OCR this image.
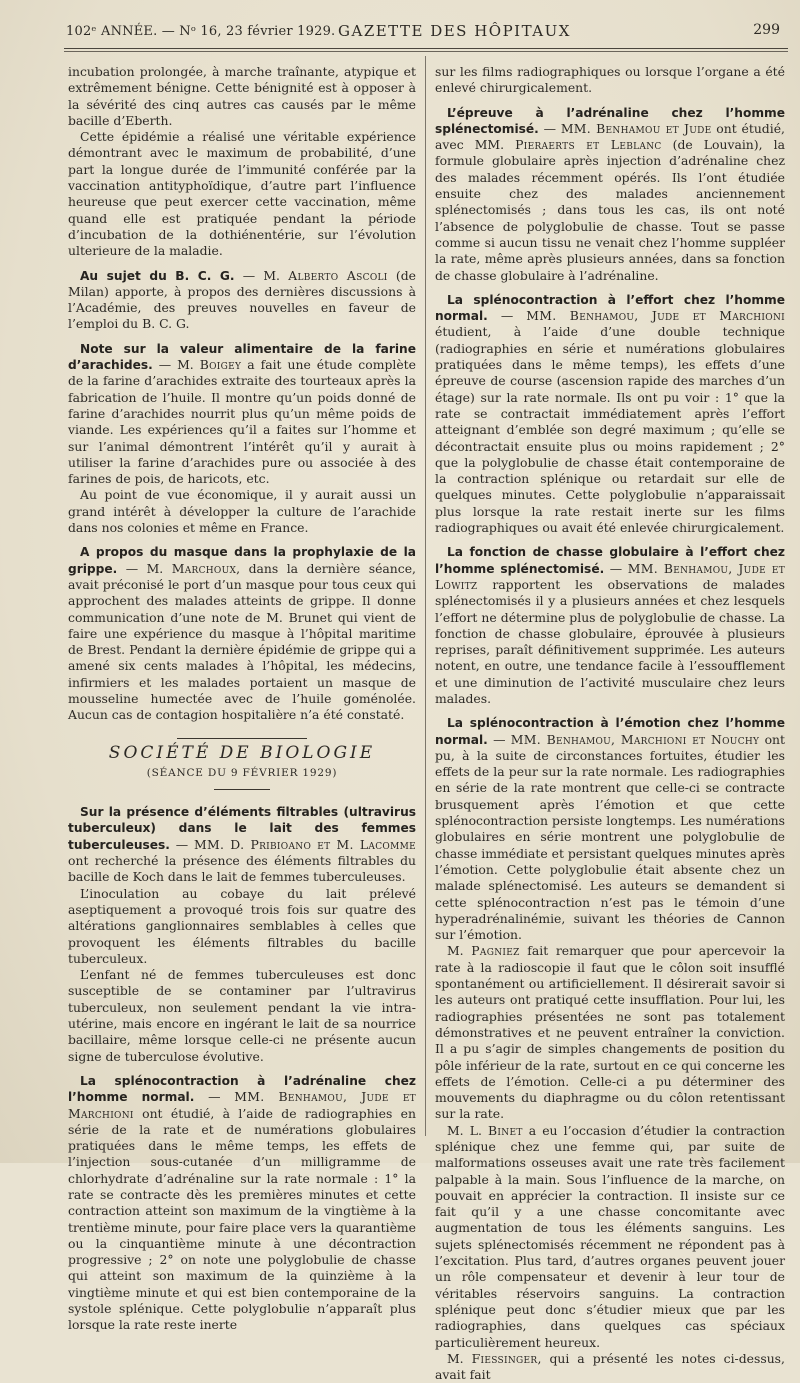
102ᵉ ANNÉE. — Nᵒ 16, 23 février 1929. GAZETTE DES HÔPITAUX	299

incubation prolongée, à marche traînante, atypique et extrêmement bénigne. Cette bénignité est à opposer à la sévérité des cinq autres cas causés par le même bacille d’Eberth.

Cette épidémie a réalisé une véritable expérience démontrant avec le maximum de probabilité, d’une part la longue durée de l’immunité conférée par la vaccination antityphoïdique, d’autre part l’influence heureuse que peut exercer cette vaccination, même quand elle est pratiquée pendant la période d’incubation de la dothiénentérie, sur l’évolution ulterieure de la maladie.

Au sujet du B. C. G. — M. Alberto Ascoli (de Milan) apporte, à propos des dernières discussions à l’Académie, des preuves nouvelles en faveur de l’emploi du B. C. G.

Note sur la valeur alimentaire de la farine d’arachides. — M. Boigey a fait une étude complète de la farine d’arachides extraite des tourteaux après la fabrication de l’huile. Il montre qu’un poids donné de farine d’arachides nourrit plus qu’un même poids de viande. Les expériences qu’il a faites sur l’homme et sur l’animal démontrent l’intérêt qu’il y aurait à utiliser la farine d’arachides pure ou associée à des farines de pois, de haricots, etc.

Au point de vue économique, il y aurait aussi un grand intérêt à développer la culture de l’arachide dans nos colonies et même en France.

A propos du masque dans la prophylaxie de la grippe. — M. Marchoux, dans la dernière séance, avait préconisé le port d’un masque pour tous ceux qui approchent des malades atteints de grippe. Il donne communication d’une note de M. Brunet qui vient de faire une expérience du masque à l’hôpital maritime de Brest. Pendant la dernière épidémie de grippe qui a amené six cents malades à l’hôpital, les médecins, infirmiers et les malades portaient un masque de mousseline humectée avec de l’huile goménolée. Aucun cas de contagion hospitalière n’a été constaté.

SOCIÉTÉ DE BIOLOGIE
(SÉANCE DU 9 FÉVRIER 1929)

Sur la présence d’éléments filtrables (ultravirus tuberculeux) dans le lait des femmes tuberculeuses. — MM. D. Pribioano et M. Lacomme ont recherché la présence des éléments filtrables du bacille de Koch dans le lait de femmes tuberculeuses.

L’inoculation au cobaye du lait prélevé aseptiquement a provoqué trois fois sur quatre des altérations ganglionnaires semblables à celles que provoquent les éléments filtrables du bacille tuberculeux.

L’enfant né de femmes tuberculeuses est donc susceptible de se contaminer par l’ultravirus tuberculeux, non seulement pendant la vie intra-utérine, mais encore en ingérant le lait de sa nourrice bacillaire, même lorsque celle-ci ne présente aucun signe de tuberculose évolutive.

La splénocontraction à l’adrénaline chez l’homme normal. — MM. Benhamou, Jude et Marchioni ont étudié, à l’aide de radiographies en série de la rate et de numérations globulaires pratiquées dans le même temps, les effets de l’injection sous-cutanée d’un milligramme de chlorhydrate d’adrénaline sur la rate normale : 1° la rate se contracte dès les premières minutes et cette contraction atteint son maximum de la vingtième à la trentième minute, pour faire place vers la quarantième ou la cinquantième minute à une décontraction progressive ; 2° on note une polyglobulie de chasse qui atteint son maximum de la quinzième à la vingtième minute et qui est bien contemporaine de la systole splénique. Cette polyglobulie n’apparaît plus lorsque la rate reste inerte

sur les films radiographiques ou lorsque l’organe a été enlevé chirurgicalement.

L’épreuve à l’adrénaline chez l’homme splénectomisé. — MM. Benhamou et Jude ont étudié, avec MM. Pieraerts et Leblanc (de Louvain), la formule globulaire après injection d’adrénaline chez des malades récemment opérés. Ils l’ont étudiée ensuite chez des malades anciennement splénectomisés ; dans tous les cas, ils ont noté l’absence de polyglobulie de chasse. Tout se passe comme si aucun tissu ne venait chez l’homme suppléer la rate, même après plusieurs années, dans sa fonction de chasse globulaire à l’adrénaline.

La splénocontraction à l’effort chez l’homme normal. — MM. Benhamou, Jude et Marchioni étudient, à l’aide d’une double technique (radiographies en série et numérations globulaires pratiquées dans le même temps), les effets d’une épreuve de course (ascension rapide des marches d’un étage) sur la rate normale. Ils ont pu voir : 1° que la rate se contractait immédiatement après l’effort atteignant d’emblée son degré maximum ; qu’elle se décontractait ensuite plus ou moins rapidement ; 2° que la polyglobulie de chasse était contemporaine de la contraction splénique ou retardait sur elle de quelques minutes. Cette polyglobulie n’apparaissait plus lorsque la rate restait inerte sur les films radiographiques ou avait été enlevée chirurgicalement.

La fonction de chasse globulaire à l’effort chez l’homme splénectomisé. — MM. Benhamou, Jude et Lowitz rapportent les observations de malades splénectomisés il y a plusieurs années et chez lesquels l’effort ne détermine plus de polyglobulie de chasse. La fonction de chasse globulaire, éprouvée à plusieurs reprises, paraît définitivement supprimée. Les auteurs notent, en outre, une tendance facile à l’essoufflement et une diminution de l’activité musculaire chez leurs malades.

La splénocontraction à l’émotion chez l’homme normal. — MM. Benhamou, Marchioni et Nouchy ont pu, à la suite de circonstances fortuites, étudier les effets de la peur sur la rate normale. Les radiographies en série de la rate montrent que celle-ci se contracte brusquement après l’émotion et que cette splénocontraction persiste longtemps. Les numérations globulaires en série montrent une polyglobulie de chasse immédiate et persistant quelques minutes après l’émotion. Cette polyglobulie était absente chez un malade splénectomisé. Les auteurs se demandent si cette splénocontraction n’est pas le témoin d’une hyperadrénalinémie, suivant les théories de Cannon sur l’émotion.

M. Pagniez fait remarquer que pour apercevoir la rate à la radioscopie il faut que le côlon soit insufflé spontanément ou artificiellement. Il désirerait savoir si les auteurs ont pratiqué cette insufflation. Pour lui, les radiographies présentées ne sont pas totalement démonstratives et ne peuvent entraîner la conviction. Il a pu s’agir de simples changements de position du pôle inférieur de la rate, surtout en ce qui concerne les effets de l’émotion. Celle-ci a pu déterminer des mouvements du diaphragme ou du côlon retentissant sur la rate.

M. L. Binet a eu l’occasion d’étudier la contraction splénique chez une femme qui, par suite de malformations osseuses avait une rate très facilement palpable à la main. Sous l’influence de la marche, on pouvait en apprécier la contraction. Il insiste sur ce fait qu’il y a une chasse concomitante avec augmentation de tous les éléments sanguins. Les sujets splénectomisés récemment ne répondent pas à l’excitation. Plus tard, d’autres organes peuvent jouer un rôle compensateur et devenir à leur tour de véritables réservoirs sanguins. La contraction splénique peut donc s’étudier mieux que par les radiographies, dans quelques cas spéciaux particulièrement heureux.

M. Fiessinger, qui a présenté les notes ci-dessus, avait fait
